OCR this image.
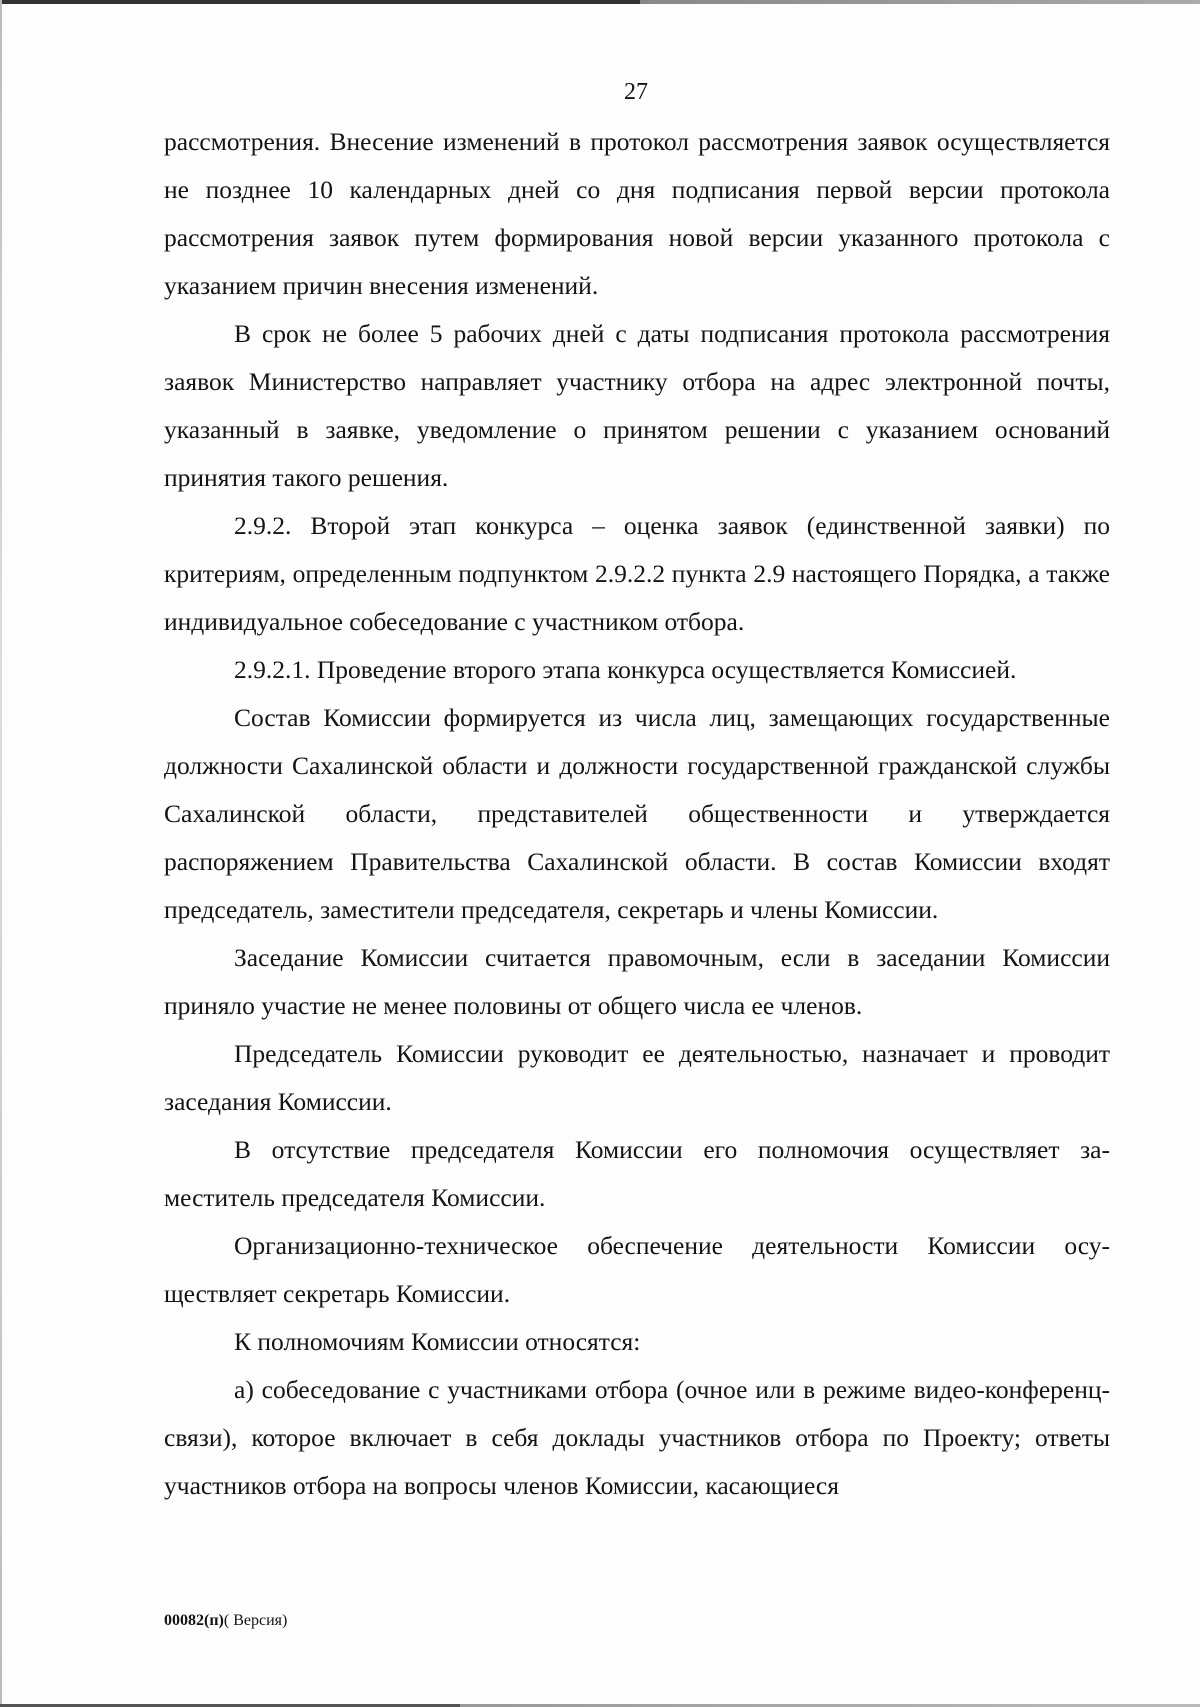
27

рассмотрения. Внесение изменений в протокол рассмотрения заявок осуществляется не позднее 10 календарных дней со дня подписания первой версии протокола рассмотрения заявок путем формирования новой версии указанного протокола с указанием причин внесения изменений.

В срок не более 5 рабочих дней с даты подписания протокола рассмотрения заявок Министерство направляет участнику отбора на адрес электронной почты, указанный в заявке, уведомление о принятом решении с указанием оснований принятия такого решения.

2.9.2. Второй этап конкурса – оценка заявок (единственной заявки) по критериям, определенным подпунктом 2.9.2.2 пункта 2.9 настоящего Порядка, а также индивидуальное собеседование с участником отбора.

2.9.2.1. Проведение второго этапа конкурса осуществляется Комиссией.

Состав Комиссии формируется из числа лиц, замещающих государственные должности Сахалинской области и должности государственной гражданской службы Сахалинской области, представителей общественности и утверждается распоряжением Правительства Сахалинской области. В состав Комиссии входят председатель, заместители председателя, секретарь и члены Комиссии.

Заседание Комиссии считается правомочным, если в заседании Комиссии приняло участие не менее половины от общего числа ее членов.

Председатель Комиссии руководит ее деятельностью, назначает и проводит заседания Комиссии.

В отсутствие председателя Комиссии его полномочия осуществляет заместитель председателя Комиссии.

Организационно-техническое обеспечение деятельности Комиссии осуществляет секретарь Комиссии.

К полномочиям Комиссии относятся:

а) собеседование с участниками отбора (очное или в режиме видео-конференц-связи), которое включает в себя доклады участников отбора по Проекту; ответы участников отбора на вопросы членов Комиссии, касающиеся

00082(п)( Версия)
